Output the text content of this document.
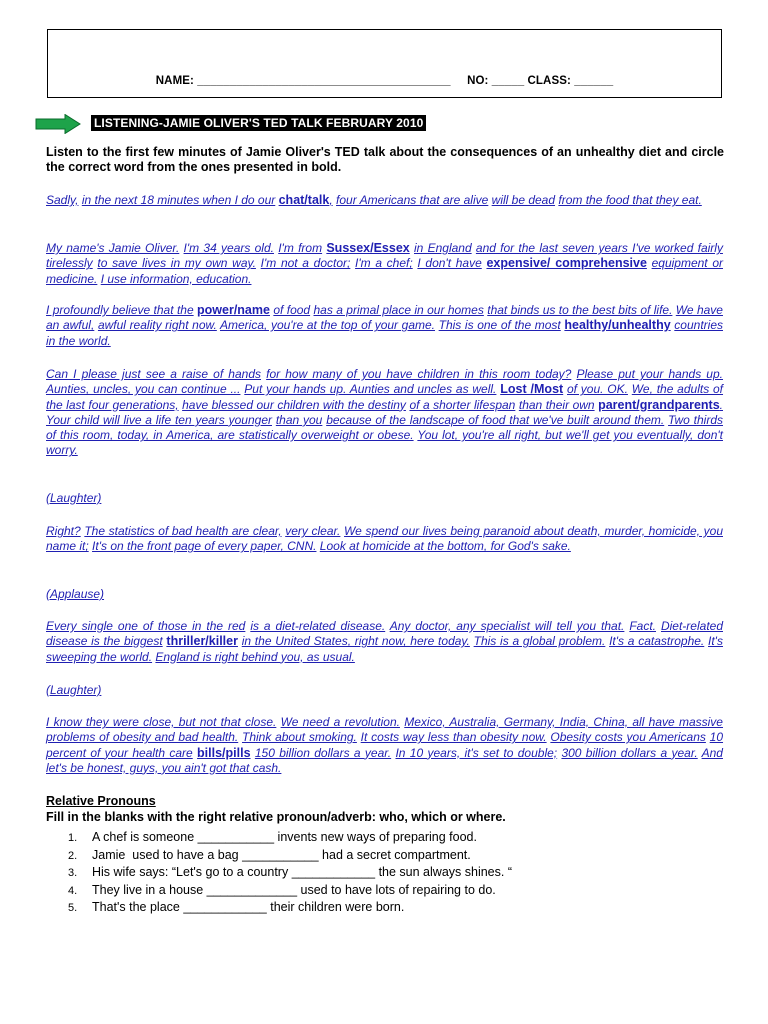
NAME: _______________________________________     NO: _____ CLASS: ______
LISTENING-JAMIE OLIVER'S TED TALK FEBRUARY 2010
Listen to the first few minutes of Jamie Oliver's TED talk about the consequences of an unhealthy diet and circle the correct word from the ones presented in bold.
Sadly, in the next 18 minutes when I do our chat/talk, four Americans that are alive will be dead from the food that they eat.
My name's Jamie Oliver. I'm 34 years old. I'm from Sussex/Essex in England and for the last seven years I've worked fairly tirelessly to save lives in my own way. I'm not a doctor; I'm a chef; I don't have expensive/ comprehensive equipment or medicine. I use information, education.
I profoundly believe that the power/name of food has a primal place in our homes that binds us to the best bits of life. We have an awful, awful reality right now. America, you're at the top of your game. This is one of the most healthy/unhealthy countries in the world.
Can I please just see a raise of hands for how many of you have children in this room today? Please put your hands up. Aunties, uncles, you can continue ... Put your hands up. Aunties and uncles as well. Lost /Most of you. OK. We, the adults of the last four generations, have blessed our children with the destiny of a shorter lifespan than their own parent/grandparents. Your child will live a life ten years younger than you because of the landscape of food that we've built around them. Two thirds of this room, today, in America, are statistically overweight or obese. You lot, you're all right, but we'll get you eventually, don't worry.
(Laughter)
Right? The statistics of bad health are clear, very clear. We spend our lives being paranoid about death, murder, homicide, you name it; It's on the front page of every paper, CNN. Look at homicide at the bottom, for God's sake.
(Applause)
Every single one of those in the red is a diet-related disease. Any doctor, any specialist will tell you that. Fact. Diet-related disease is the biggest thriller/killer in the United States, right now, here today. This is a global problem. It's a catastrophe. It's sweeping the world. England is right behind you, as usual.
(Laughter)
I know they were close, but not that close. We need a revolution. Mexico, Australia, Germany, India, China, all have massive problems of obesity and bad health. Think about smoking. It costs way less than obesity now. Obesity costs you Americans 10 percent of your health care bills/pills 150 billion dollars a year. In 10 years, it's set to double; 300 billion dollars a year. And let's be honest, guys, you ain't got that cash.
Relative Pronouns
Fill in the blanks with the right relative pronoun/adverb: who, which or where.
1. A chef is someone ___________ invents new ways of preparing food.
2. Jamie  used to have a bag ___________ had a secret compartment.
3. His wife says: “Let's go to a country ____________ the sun always shines. “
4. They live in a house _____________ used to have lots of repairing to do.
5. That's the place ____________ their children were born.
